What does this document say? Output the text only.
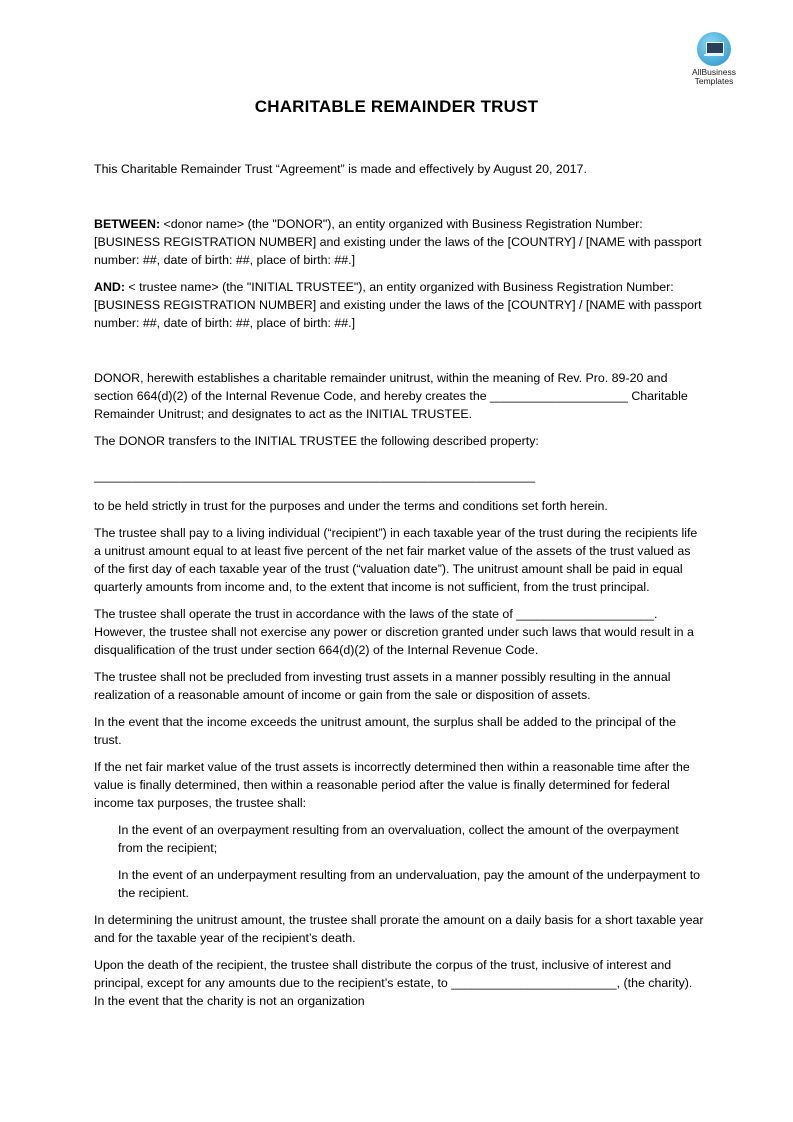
AllBusiness
Templates
CHARITABLE REMAINDER TRUST

This Charitable Remainder Trust “Agreement” is made and effectively by August 20, 2017.

BETWEEN: <donor name> (the "DONOR"), an entity organized with Business Registration Number: [BUSINESS REGISTRATION NUMBER] and existing under the laws of the [COUNTRY] / [NAME with passport number: ##, date of birth: ##, place of birth: ##.]

AND: < trustee name> (the "INITIAL TRUSTEE"), an entity organized with Business Registration Number: [BUSINESS REGISTRATION NUMBER] and existing under the laws of the [COUNTRY] / [NAME with passport number: ##, date of birth: ##, place of birth: ##.]

DONOR, herewith establishes a charitable remainder unitrust, within the meaning of Rev. Pro. 89-20 and section 664(d)(2) of the Internal Revenue Code, and hereby creates the ____________________ Charitable Remainder Unitrust; and designates to act as the INITIAL TRUSTEE.

The DONOR transfers to the INITIAL TRUSTEE the following described property:

________________________________________________________________

to be held strictly in trust for the purposes and under the terms and conditions set forth herein.

The trustee shall pay to a living individual (“recipient”) in each taxable year of the trust during the recipients life a unitrust amount equal to at least five percent of the net fair market value of the assets of the trust valued as of the first day of each taxable year of the trust (“valuation date”). The unitrust amount shall be paid in equal quarterly amounts from income and, to the extent that income is not sufficient, from the trust principal.

The trustee shall operate the trust in accordance with the laws of the state of ____________________. However, the trustee shall not exercise any power or discretion granted under such laws that would result in a disqualification of the trust under section 664(d)(2) of the Internal Revenue Code.

The trustee shall not be precluded from investing trust assets in a manner possibly resulting in the annual realization of a reasonable amount of income or gain from the sale or disposition of assets.

In the event that the income exceeds the unitrust amount, the surplus shall be added to the principal of the trust.

If the net fair market value of the trust assets is incorrectly determined then within a reasonable time after the value is finally determined, then within a reasonable period after the value is finally determined for federal income tax purposes, the trustee shall:

In the event of an overpayment resulting from an overvaluation, collect the amount of the overpayment from the recipient;

In the event of an underpayment resulting from an undervaluation, pay the amount of the underpayment to the recipient.

In determining the unitrust amount, the trustee shall prorate the amount on a daily basis for a short taxable year and for the taxable year of the recipient’s death.

Upon the death of the recipient, the trustee shall distribute the corpus of the trust, inclusive of interest and principal, except for any amounts due to the recipient’s estate, to ________________________, (the charity). In the event that the charity is not an organization
